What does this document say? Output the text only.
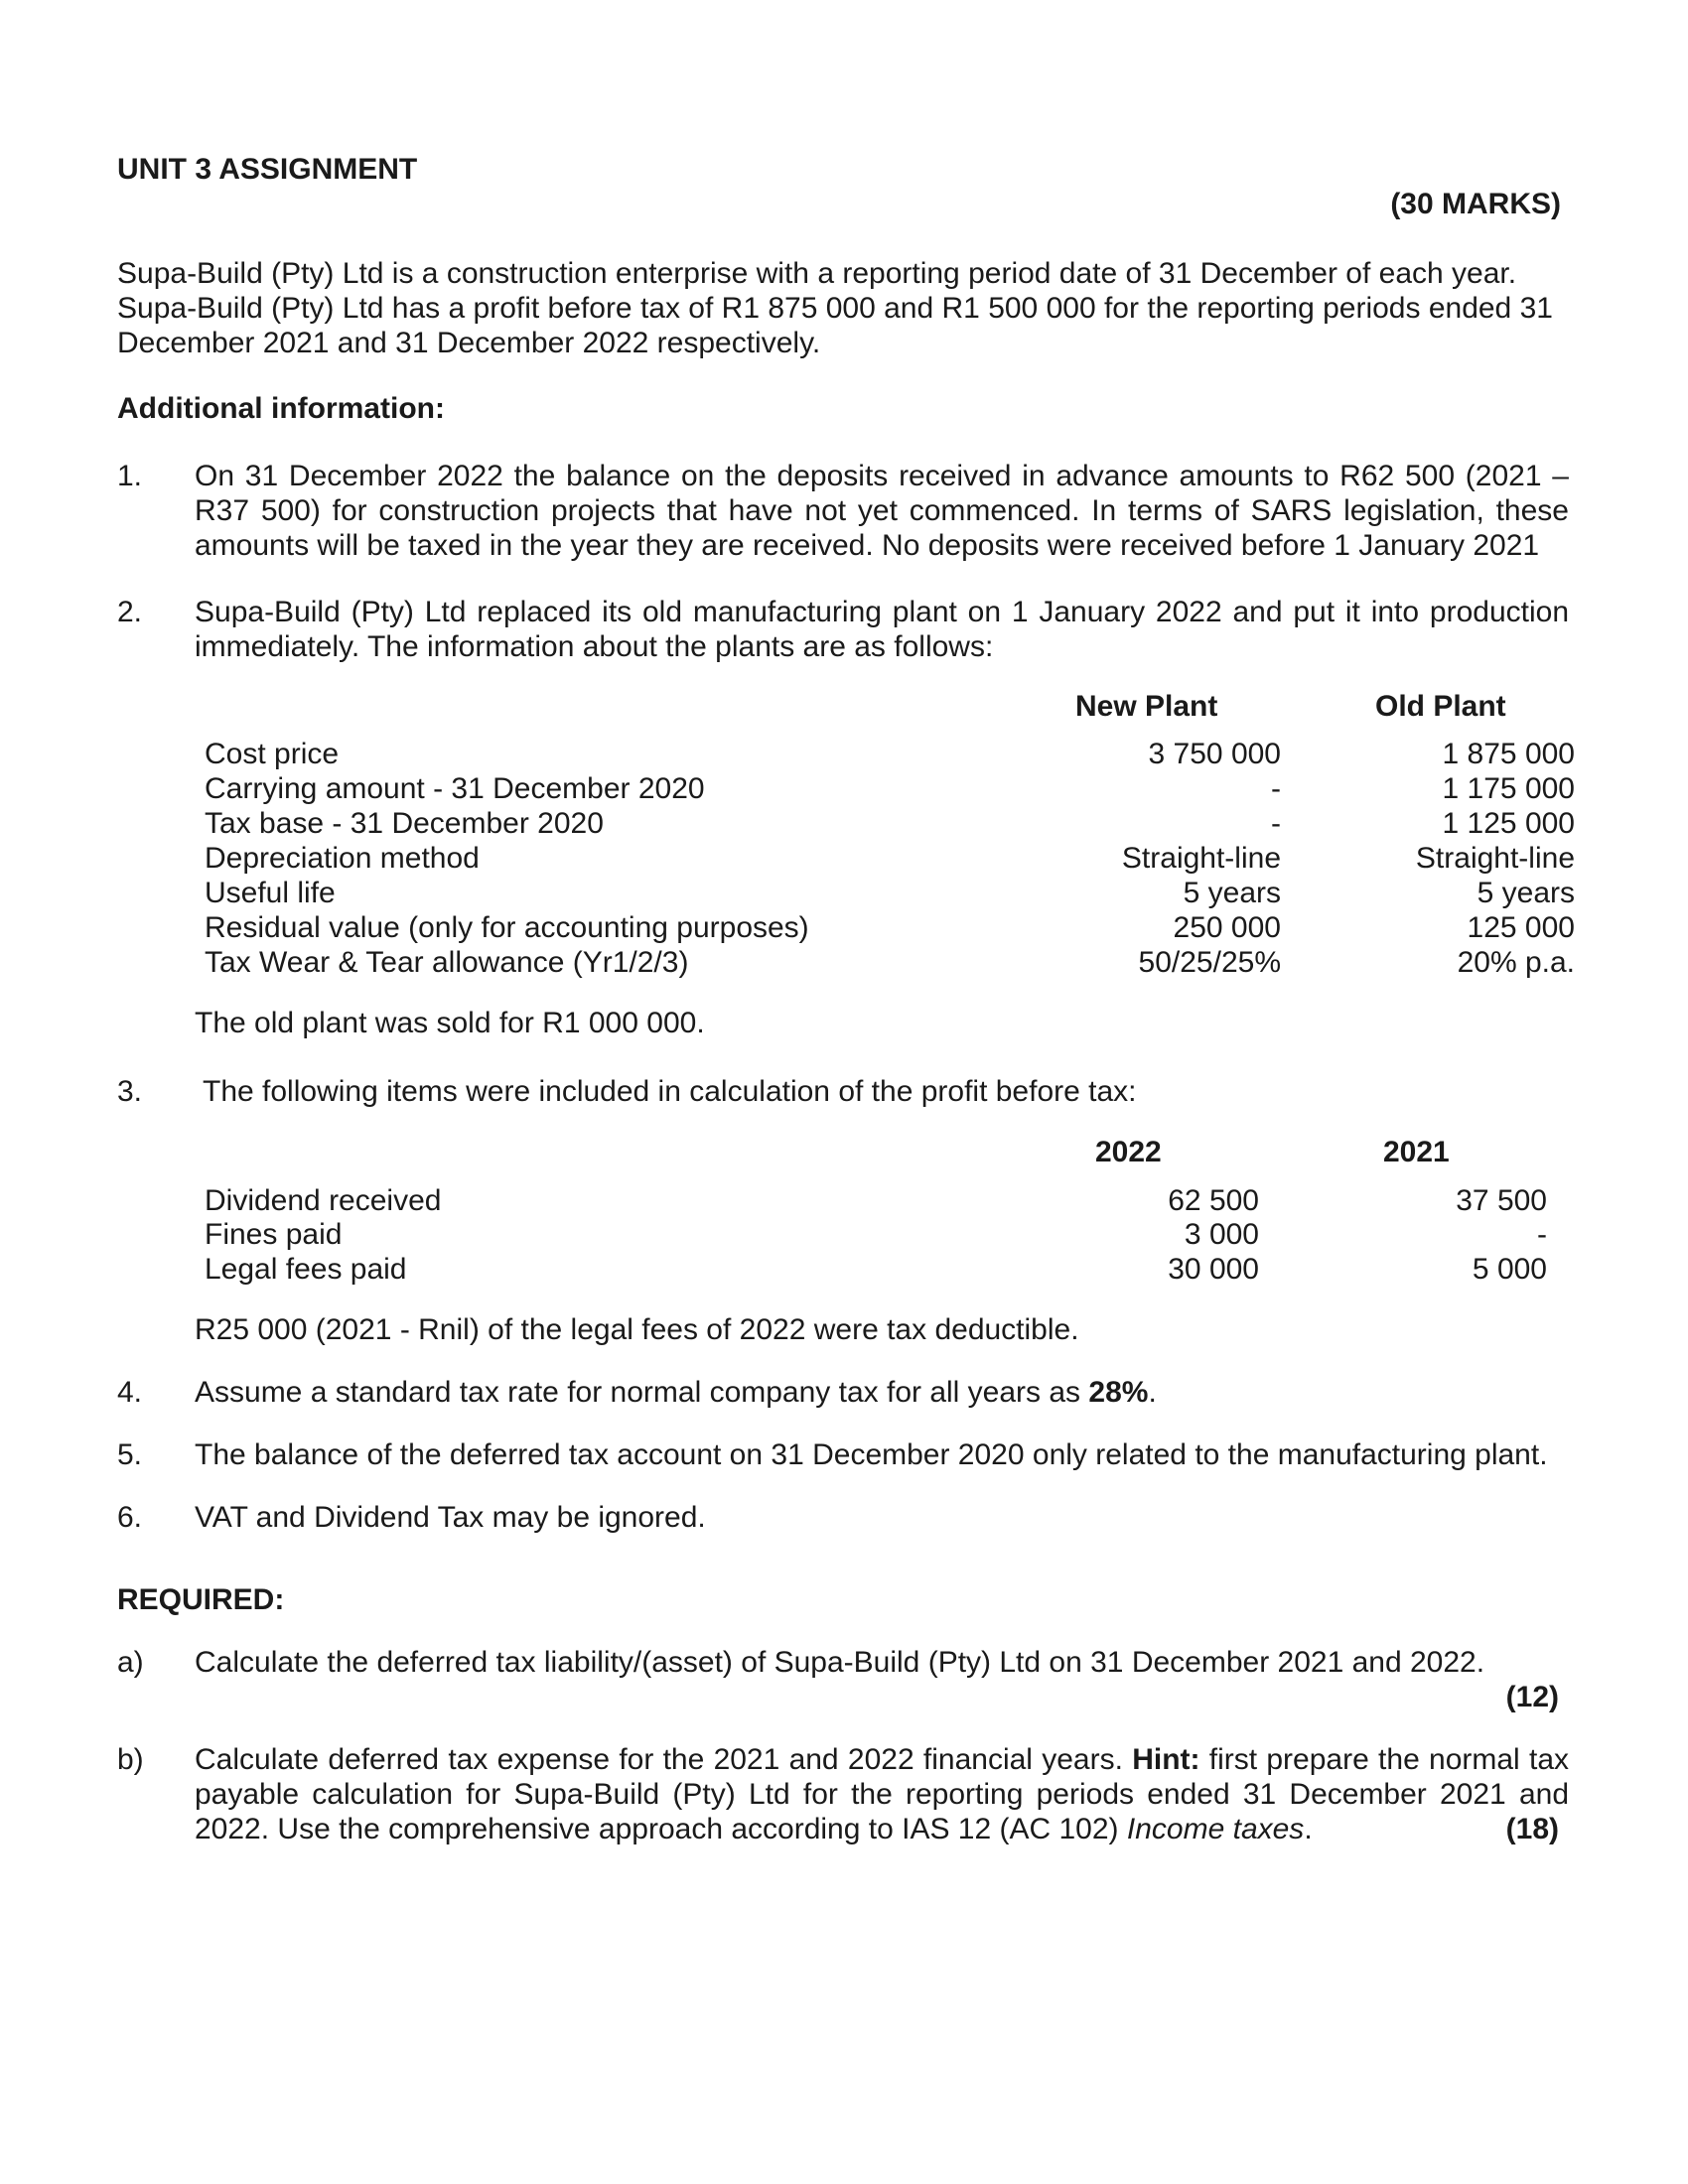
UNIT 3 ASSIGNMENT
(30 MARKS)
Supa-Build (Pty) Ltd is a construction enterprise with a reporting period date of 31 December of each year.
Supa-Build (Pty) Ltd has a profit before tax of R1 875 000 and R1 500 000 for the reporting periods ended 31
December 2021 and 31 December 2022 respectively.
Additional information:
1. On 31 December 2022 the balance on the deposits received in advance amounts to R62 500 (2021 –
R37 500) for construction projects that have not yet commenced. In terms of SARS legislation, these
amounts will be taxed in the year they are received. No deposits were received before 1 January 2021
2. Supa-Build (Pty) Ltd replaced its old manufacturing plant on 1 January 2022 and put it into production
immediately. The information about the plants are as follows:
New Plant	Old Plant
Cost price	3 750 000	1 875 000
Carrying amount - 31 December 2020	-	1 175 000
Tax base - 31 December 2020	-	1 125 000
Depreciation method	Straight-line	Straight-line
Useful life	5 years	5 years
Residual value (only for accounting purposes)	250 000	125 000
Tax Wear & Tear allowance (Yr1/2/3)	50/25/25%	20% p.a.
The old plant was sold for R1 000 000.
3. The following items were included in calculation of the profit before tax:
2022	2021
Dividend received	62 500	37 500
Fines paid	3 000	-
Legal fees paid	30 000	5 000
R25 000 (2021 - Rnil) of the legal fees of 2022 were tax deductible.
4. Assume a standard tax rate for normal company tax for all years as 28%.
5. The balance of the deferred tax account on 31 December 2020 only related to the manufacturing plant.
6. VAT and Dividend Tax may be ignored.
REQUIRED:
a) Calculate the deferred tax liability/(asset) of Supa-Build (Pty) Ltd on 31 December 2021 and 2022.
(12)
b) Calculate deferred tax expense for the 2021 and 2022 financial years. Hint: first prepare the normal tax
payable calculation for Supa-Build (Pty) Ltd for the reporting periods ended 31 December 2021 and
2022. Use the comprehensive approach according to IAS 12 (AC 102) Income taxes.	(18)
